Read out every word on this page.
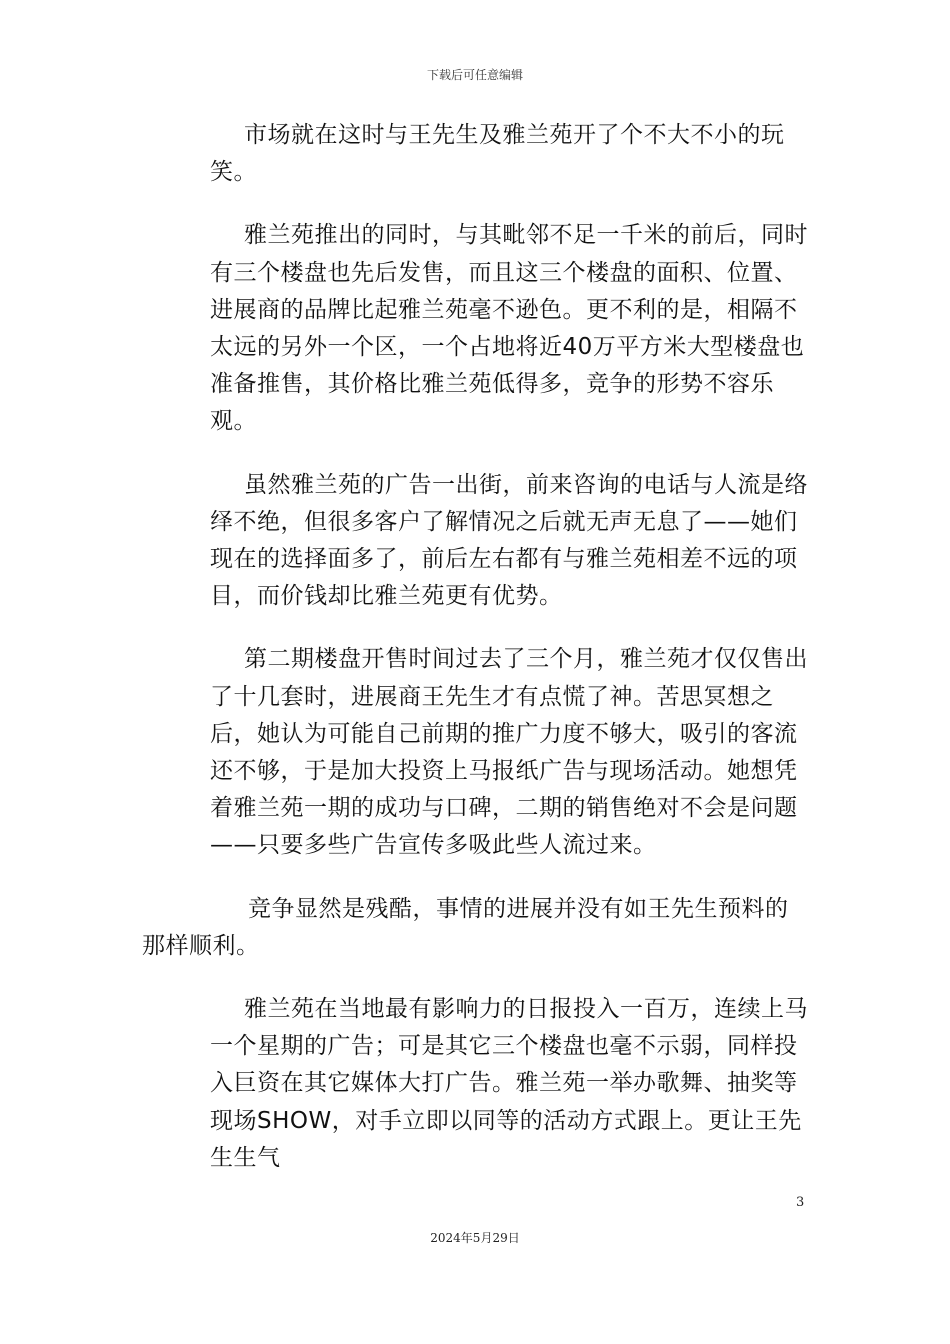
下载后可任意编辑

市场就在这时与王先生及雅兰苑开了个不大不小的玩笑。

雅兰苑推出的同时，与其毗邻不足一千米的前后，同时有三个楼盘也先后发售，而且这三个楼盘的面积、位置、进展商的品牌比起雅兰苑毫不逊色。更不利的是，相隔不太远的另外一个区，一个占地将近40万平方米大型楼盘也准备推售，其价格比雅兰苑低得多，竞争的形势不容乐观。

虽然雅兰苑的广告一出街，前来咨询的电话与人流是络绎不绝，但很多客户了解情况之后就无声无息了——她们现在的选择面多了，前后左右都有与雅兰苑相差不远的项目，而价钱却比雅兰苑更有优势。

第二期楼盘开售时间过去了三个月，雅兰苑才仅仅售出了十几套时，进展商王先生才有点慌了神。苦思冥想之后，她认为可能自己前期的推广力度不够大，吸引的客流还不够，于是加大投资上马报纸广告与现场活动。她想凭着雅兰苑一期的成功与口碑，二期的销售绝对不会是问题——只要多些广告宣传多吸此些人流过来。

竞争显然是残酷，事情的进展并没有如王先生预料的那样顺利。

雅兰苑在当地最有影响力的日报投入一百万，连续上马一个星期的广告；可是其它三个楼盘也毫不示弱，同样投入巨资在其它媒体大打广告。雅兰苑一举办歌舞、抽奖等现场SHOW，对手立即以同等的活动方式跟上。更让王先生生气

3
2024年5月29日
